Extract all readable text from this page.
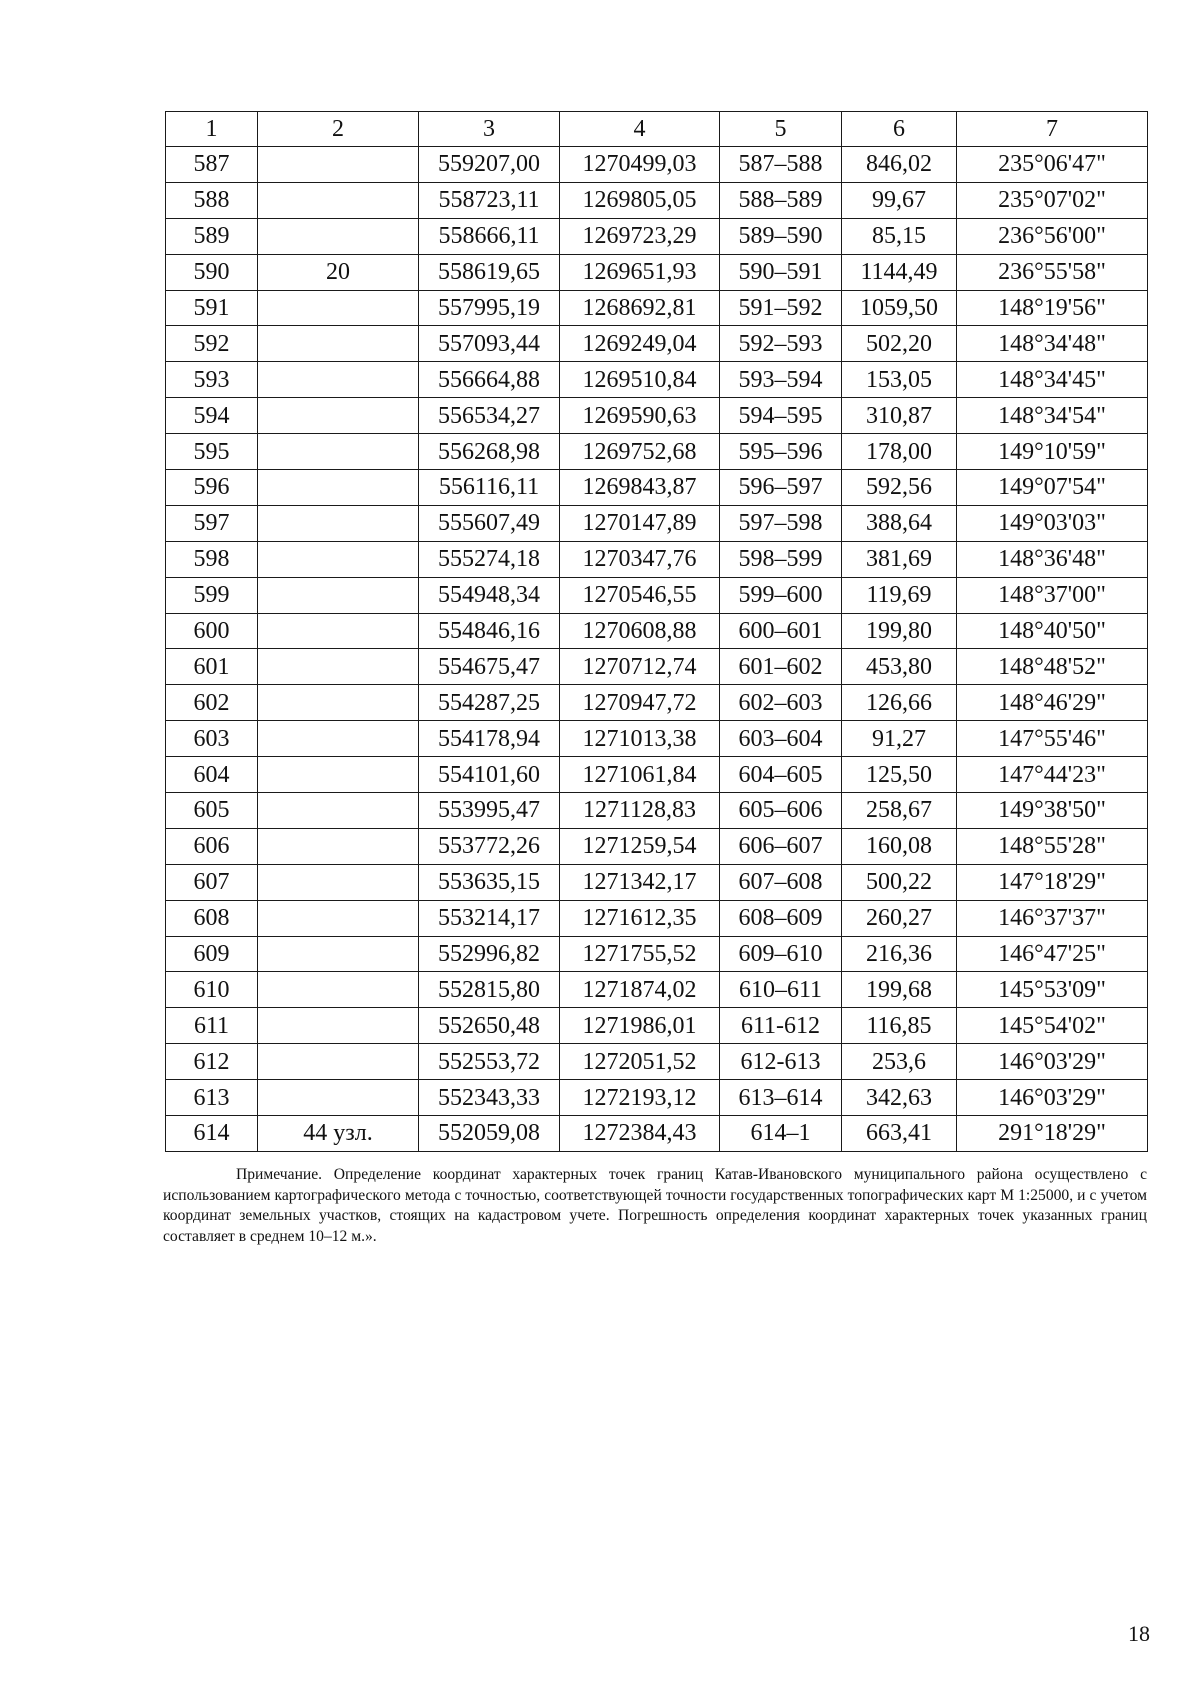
1	2	3	4	5	6	7
587		559207,00	1270499,03	587–588	846,02	235°06'47"
588		558723,11	1269805,05	588–589	99,67	235°07'02"
589		558666,11	1269723,29	589–590	85,15	236°56'00"
590	20	558619,65	1269651,93	590–591	1144,49	236°55'58"
591		557995,19	1268692,81	591–592	1059,50	148°19'56"
592		557093,44	1269249,04	592–593	502,20	148°34'48"
593		556664,88	1269510,84	593–594	153,05	148°34'45"
594		556534,27	1269590,63	594–595	310,87	148°34'54"
595		556268,98	1269752,68	595–596	178,00	149°10'59"
596		556116,11	1269843,87	596–597	592,56	149°07'54"
597		555607,49	1270147,89	597–598	388,64	149°03'03"
598		555274,18	1270347,76	598–599	381,69	148°36'48"
599		554948,34	1270546,55	599–600	119,69	148°37'00"
600		554846,16	1270608,88	600–601	199,80	148°40'50"
601		554675,47	1270712,74	601–602	453,80	148°48'52"
602		554287,25	1270947,72	602–603	126,66	148°46'29"
603		554178,94	1271013,38	603–604	91,27	147°55'46"
604		554101,60	1271061,84	604–605	125,50	147°44'23"
605		553995,47	1271128,83	605–606	258,67	149°38'50"
606		553772,26	1271259,54	606–607	160,08	148°55'28"
607		553635,15	1271342,17	607–608	500,22	147°18'29"
608		553214,17	1271612,35	608–609	260,27	146°37'37"
609		552996,82	1271755,52	609–610	216,36	146°47'25"
610		552815,80	1271874,02	610–611	199,68	145°53'09"
611		552650,48	1271986,01	611-612	116,85	145°54'02"
612		552553,72	1272051,52	612-613	253,6	146°03'29"
613		552343,33	1272193,12	613–614	342,63	146°03'29"
614	44 узл.	552059,08	1272384,43	614–1	663,41	291°18'29"

Примечание. Определение координат характерных точек границ Катав-Ивановского муниципального района осуществлено с использованием картографического метода с точностью, соответствующей точности государственных топографических карт М 1:25000, и с учетом координат земельных участков, стоящих на кадастровом учете. Погрешность определения координат характерных точек указанных границ составляет в среднем 10–12 м.».

18
